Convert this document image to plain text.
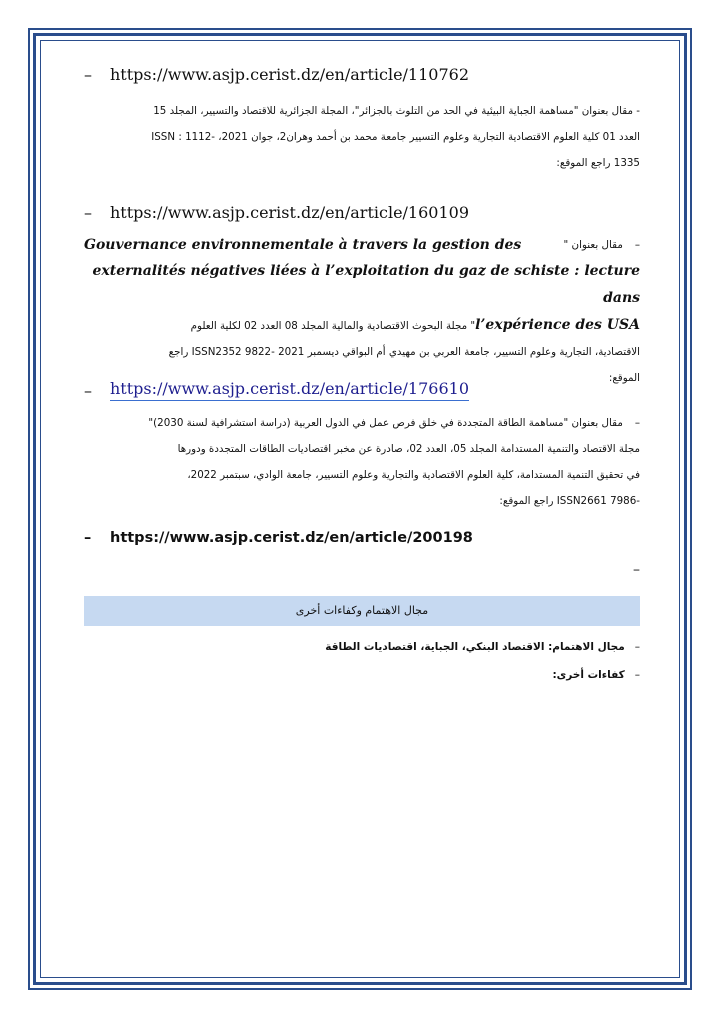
–	https://www.asjp.cerist.dz/en/article/110762
- مقال بعنوان "مساهمة الجباية البيئية في الحد من التلوث بالجزائر"، المجلة الجزائرية للاقتصاد والتسيير، المجلد 15
العدد 01 كلية العلوم الاقتصادية التجارية وعلوم التسيير جامعة محمد بن أحمد وهران2، جوان 2021، -1112 : ISSN
1335 راجع الموقع:
–	https://www.asjp.cerist.dz/en/article/160109
–مقال بعنوان "
Gouvernance environnementale à travers la gestion des
externalités négatives liées à l’exploitation du gaz de schiste : lecture dans
l’expérience des USA" مجلة البحوث الاقتصادية والمالية المجلد 08 العدد 02 لكلية العلوم
الاقتصادية، التجارية وعلوم التسيير، جامعة العربي بن مهيدي أم البواقي ديسمبر 2021 -9822 ISSN2352 راجع
الموقع:
–	https://www.asjp.cerist.dz/en/article/176610
–مقال بعنوان "مساهمة الطاقة المتجددة في خلق فرص عمل في الدول العربية (دراسة استشرافية لسنة 2030)"
مجلة الاقتصاد والتنمية المستدامة المجلد 05، العدد 02، صادرة عن مخبر اقتصاديات الطاقات المتجددة ودورها
في تحقيق التنمية المستدامة، كلية العلوم الاقتصادية والتجارية وعلوم التسيير، جامعة الوادي، سبتمبر 2022،
-7986 ISSN2661 راجع الموقع:
–	https://www.asjp.cerist.dz/en/article/200198
–
مجال الاهتمام وكفاءات أخرى
–مجال الاهتمام: الاقتصاد البنكي، الجباية، اقتصاديات الطاقة
–كفاءات أخرى:
